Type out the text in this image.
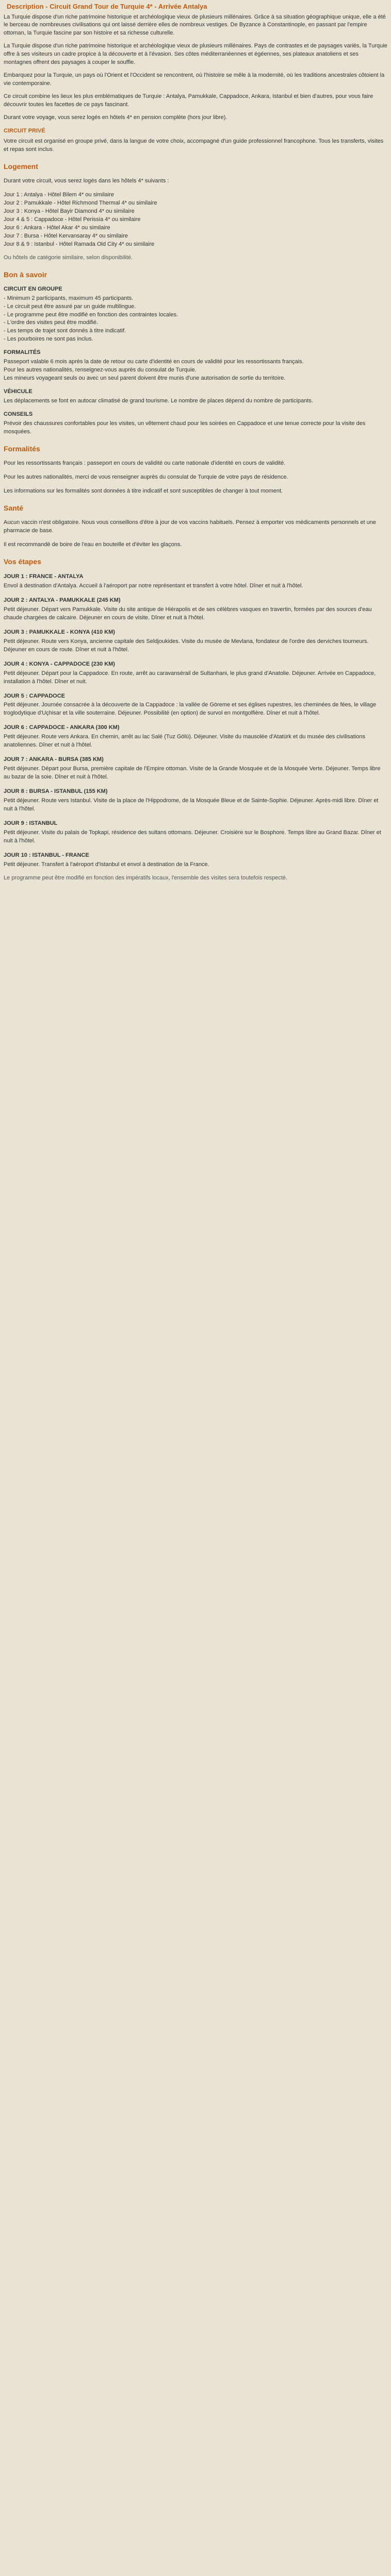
Description - Circuit Grand Tour de Turquie 4* - Arrivée Antalya

La Turquie dispose d'un riche patrimoine historique et archéologique vieux de plusieurs millénaires. Grâce à sa situation géographique unique, elle a été le berceau de nombreuses civilisations qui ont laissé derrière elles de nombreux vestiges. De Byzance à Constantinople, en passant par l'empire ottoman, la Turquie fascine par son histoire et sa richesse culturelle.

La Turquie dispose d'un riche patrimoine historique et archéologique vieux de plusieurs millénaires. Pays de contrastes et de paysages variés, la Turquie offre à ses visiteurs un cadre propice à la découverte et à l'évasion. Ses côtes méditerranéennes et égéennes, ses plateaux anatoliens et ses montagnes offrent des paysages à couper le souffle.

Embarquez pour la Turquie, un pays où l'Orient et l'Occident se rencontrent, où l'histoire se mêle à la modernité, où les traditions ancestrales côtoient la vie contemporaine.

Ce circuit combine les lieux les plus emblématiques de Turquie : Antalya, Pamukkale, Cappadoce, Ankara, Istanbul et bien d'autres, pour vous faire découvrir toutes les facettes de ce pays fascinant.

Durant votre voyage, vous serez logés en hôtels 4* en pension complète (hors jour libre).

CIRCUIT PRIVÉ

Votre circuit est organisé en groupe privé, dans la langue de votre choix, accompagné d'un guide professionnel francophone. Tous les transferts, visites et repas sont inclus.

Logement

Durant votre circuit, vous serez logés dans les hôtels 4* suivants :

Jour 1 : Antalya - Hôtel Bilem 4* ou similaire
Jour 2 : Pamukkale - Hôtel Richmond Thermal 4* ou similaire
Jour 3 : Konya - Hôtel Bayir Diamond 4* ou similaire
Jour 4 & 5 : Cappadoce - Hôtel Perissia 4* ou similaire
Jour 6 : Ankara - Hôtel Akar 4* ou similaire
Jour 7 : Bursa - Hôtel Kervansaray 4* ou similaire
Jour 8 & 9 : Istanbul - Hôtel Ramada Old City 4* ou similaire

Ou hôtels de catégorie similaire, selon disponibilité.

Bon à savoir
CIRCUIT EN GROUPE
- Minimum 2 participants, maximum 45 participants.
- Le circuit peut être assuré par un guide multilingue.
- Le programme peut être modifié en fonction des contraintes locales.
- L'ordre des visites peut être modifié.
- Les temps de trajet sont donnés à titre indicatif.
- Les pourboires ne sont pas inclus.
FORMALITÉS
Passeport valable 6 mois après la date de retour ou carte d'identité en cours de validité pour les ressortissants français.
Pour les autres nationalités, renseignez-vous auprès du consulat de Turquie.
Les mineurs voyageant seuls ou avec un seul parent doivent être munis d'une autorisation de sortie du territoire.
VÉHICULE
Les déplacements se font en autocar climatisé de grand tourisme. Le nombre de places dépend du nombre de participants.
CONSEILS
Prévoir des chaussures confortables pour les visites, un vêtement chaud pour les soirées en Cappadoce et une tenue correcte pour la visite des mosquées.
Formalités

Pour les ressortissants français : passeport en cours de validité ou carte nationale d'identité en cours de validité.

Pour les autres nationalités, merci de vous renseigner auprès du consulat de Turquie de votre pays de résidence.

Les informations sur les formalités sont données à titre indicatif et sont susceptibles de changer à tout moment.

Santé

Aucun vaccin n'est obligatoire. Nous vous conseillons d'être à jour de vos vaccins habituels. Pensez à emporter vos médicaments personnels et une pharmacie de base.

Il est recommandé de boire de l'eau en bouteille et d'éviter les glaçons.

Vos étapes
JOUR 1 : FRANCE - ANTALYA

Envol à destination d'Antalya. Accueil à l'aéroport par notre représentant et transfert à votre hôtel. Dîner et nuit à l'hôtel.

JOUR 2 : ANTALYA - PAMUKKALE (245 KM)

Petit déjeuner. Départ vers Pamukkale. Visite du site antique de Hiérapolis et de ses célèbres vasques en travertin, formées par des sources d'eau chaude chargées de calcaire. Déjeuner en cours de visite. Dîner et nuit à l'hôtel.

JOUR 3 : PAMUKKALE - KONYA (410 KM)

Petit déjeuner. Route vers Konya, ancienne capitale des Seldjoukides. Visite du musée de Mevlana, fondateur de l'ordre des derviches tourneurs. Déjeuner en cours de route. Dîner et nuit à l'hôtel.

JOUR 4 : KONYA - CAPPADOCE (230 KM)

Petit déjeuner. Départ pour la Cappadoce. En route, arrêt au caravansérail de Sultanhani, le plus grand d'Anatolie. Déjeuner. Arrivée en Cappadoce, installation à l'hôtel. Dîner et nuit.

JOUR 5 : CAPPADOCE

Petit déjeuner. Journée consacrée à la découverte de la Cappadoce : la vallée de Göreme et ses églises rupestres, les cheminées de fées, le village troglodytique d'Uçhisar et la ville souterraine. Déjeuner. Possibilité (en option) de survol en montgolfière. Dîner et nuit à l'hôtel.

JOUR 6 : CAPPADOCE - ANKARA (300 KM)

Petit déjeuner. Route vers Ankara. En chemin, arrêt au lac Salé (Tuz Gölü). Déjeuner. Visite du mausolée d'Atatürk et du musée des civilisations anatoliennes. Dîner et nuit à l'hôtel.

JOUR 7 : ANKARA - BURSA (385 KM)

Petit déjeuner. Départ pour Bursa, première capitale de l'Empire ottoman. Visite de la Grande Mosquée et de la Mosquée Verte. Déjeuner. Temps libre au bazar de la soie. Dîner et nuit à l'hôtel.

JOUR 8 : BURSA - ISTANBUL (155 KM)

Petit déjeuner. Route vers Istanbul. Visite de la place de l'Hippodrome, de la Mosquée Bleue et de Sainte-Sophie. Déjeuner. Après-midi libre. Dîner et nuit à l'hôtel.

JOUR 9 : ISTANBUL

Petit déjeuner. Visite du palais de Topkapi, résidence des sultans ottomans. Déjeuner. Croisière sur le Bosphore. Temps libre au Grand Bazar. Dîner et nuit à l'hôtel.

JOUR 10 : ISTANBUL - FRANCE

Petit déjeuner. Transfert à l'aéroport d'Istanbul et envol à destination de la France.

Le programme peut être modifié en fonction des impératifs locaux, l'ensemble des visites sera toutefois respecté.
